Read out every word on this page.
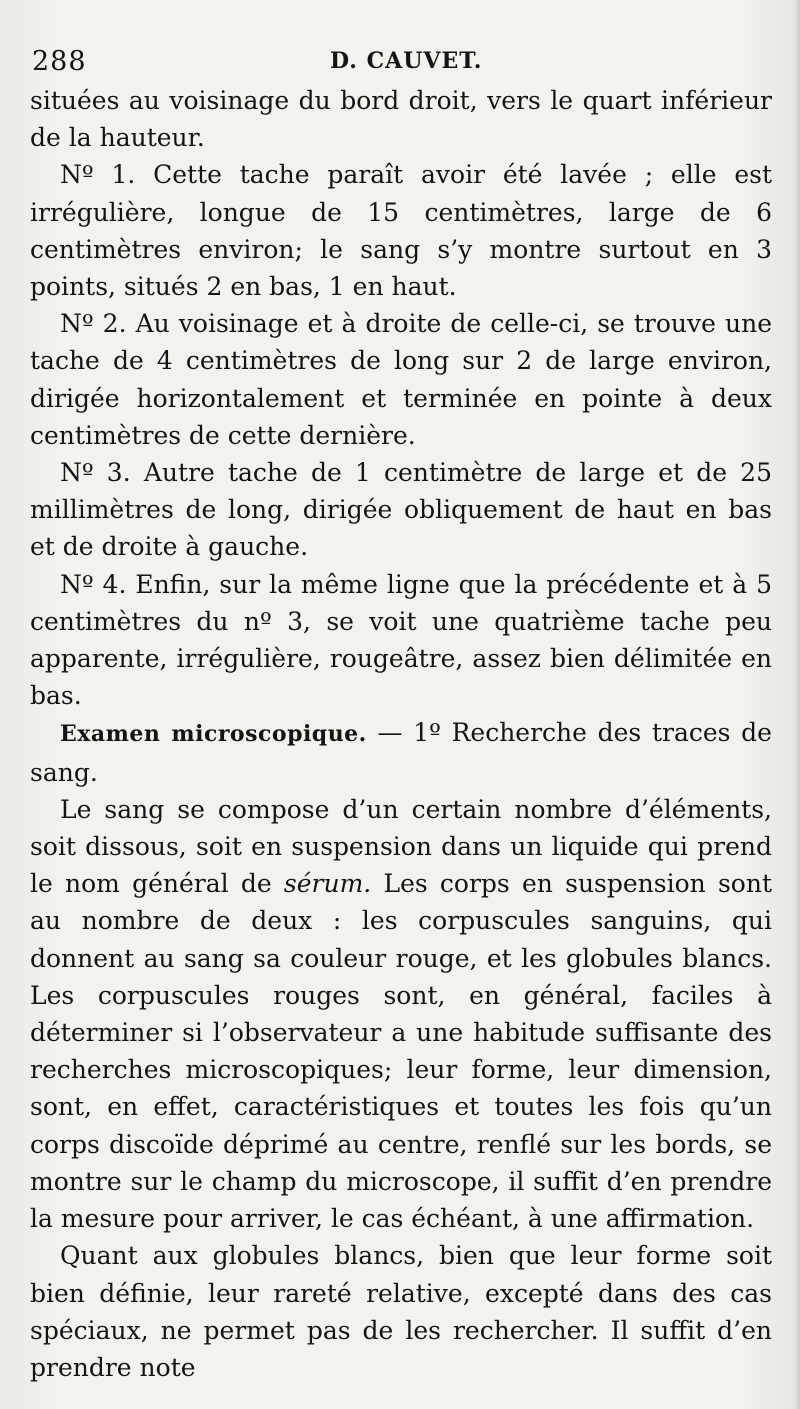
288	D. CAUVET.

situées au voisinage du bord droit, vers le quart inférieur de la hauteur.

Nº 1. Cette tache paraît avoir été lavée ; elle est irrégulière, longue de 15 centimètres, large de 6 centimètres environ; le sang s’y montre surtout en 3 points, situés 2 en bas, 1 en haut.

Nº 2. Au voisinage et à droite de celle-ci, se trouve une tache de 4 centimètres de long sur 2 de large environ, dirigée horizontalement et terminée en pointe à deux centimètres de cette dernière.

Nº 3. Autre tache de 1 centimètre de large et de 25 millimètres de long, dirigée obliquement de haut en bas et de droite à gauche.

Nº 4. Enfin, sur la même ligne que la précédente et à 5 centimètres du nº 3, se voit une quatrième tache peu apparente, irrégulière, rougeâtre, assez bien délimitée en bas.

Examen microscopique. — 1º Recherche des traces de sang.

Le sang se compose d’un certain nombre d’éléments, soit dissous, soit en suspension dans un liquide qui prend le nom général de sérum. Les corps en suspension sont au nombre de deux : les corpuscules sanguins, qui donnent au sang sa couleur rouge, et les globules blancs. Les corpuscules rouges sont, en général, faciles à déterminer si l’observateur a une habitude suffisante des recherches microscopiques; leur forme, leur dimension, sont, en effet, caractéristiques et toutes les fois qu’un corps discoïde déprimé au centre, renflé sur les bords, se montre sur le champ du microscope, il suffit d’en prendre la mesure pour arriver, le cas échéant, à une affirmation.

Quant aux globules blancs, bien que leur forme soit bien définie, leur rareté relative, excepté dans des cas spéciaux, ne permet pas de les rechercher. Il suffit d’en prendre note
